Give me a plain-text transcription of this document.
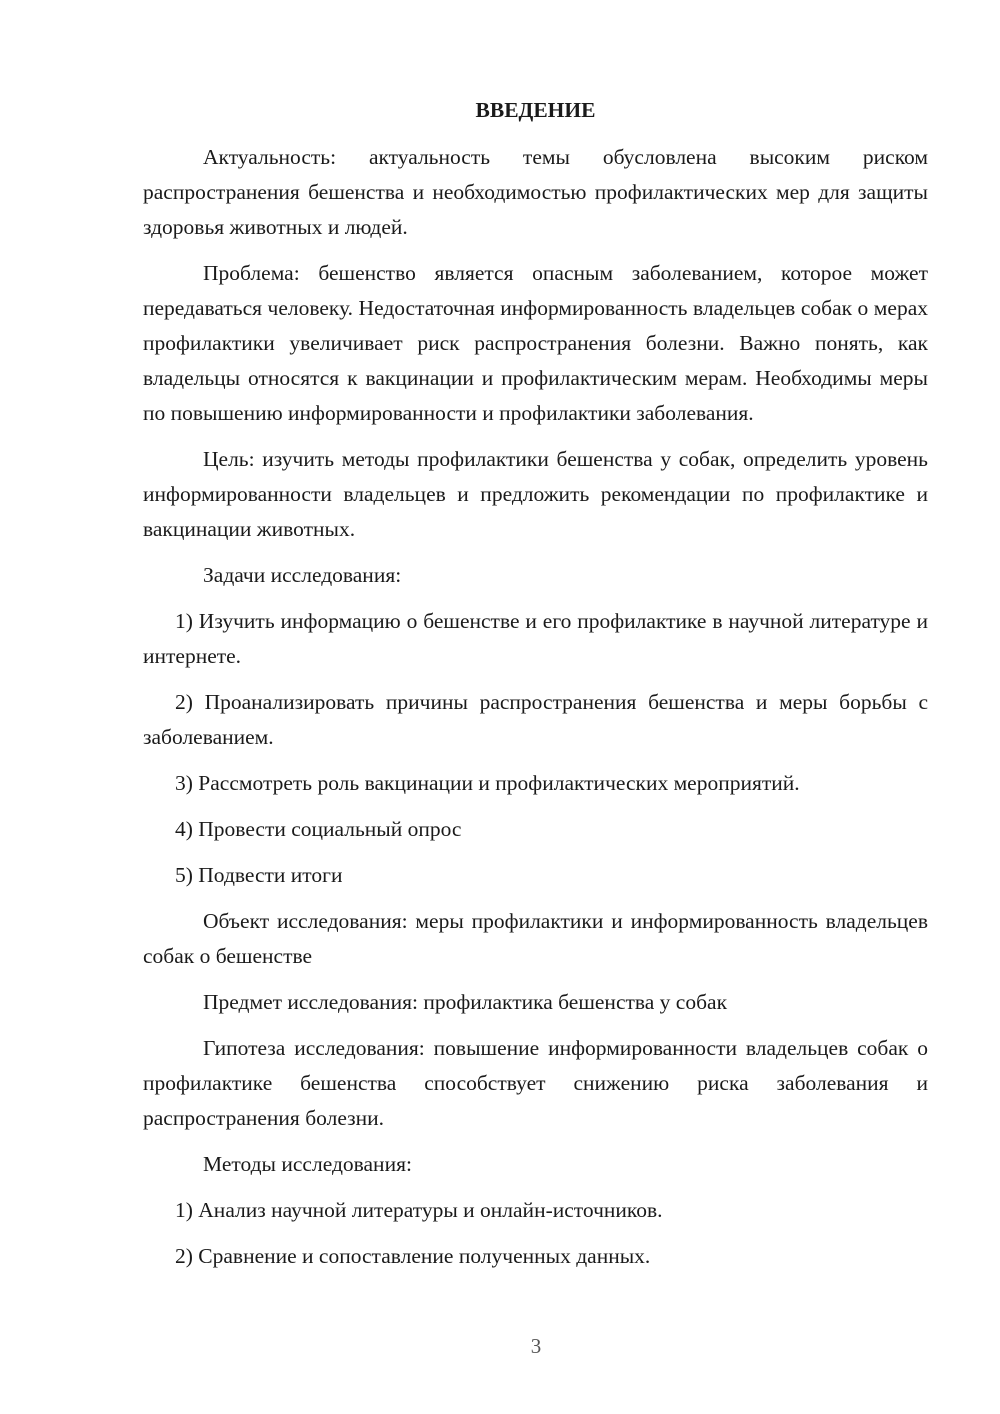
ВВЕДЕНИЕ

Актуальность: актуальность темы обусловлена высоким риском распространения бешенства и необходимостью профилактических мер для защиты здоровья животных и людей.

Проблема: бешенство является опасным заболеванием, которое может передаваться человеку. Недостаточная информированность владельцев собак о мерах профилактики увеличивает риск распространения болезни. Важно понять, как владельцы относятся к вакцинации и профилактическим мерам. Необходимы меры по повышению информированности и профилактики заболевания.

Цель: изучить методы профилактики бешенства у собак, определить уровень информированности владельцев и предложить рекомендации по профилактике и вакцинации животных.

Задачи исследования:

1) Изучить информацию о бешенстве и его профилактике в научной литературе и интернете.

2) Проанализировать причины распространения бешенства и меры борьбы с заболеванием.

3) Рассмотреть роль вакцинации и профилактических мероприятий.

4) Провести социальный опрос

5) Подвести итоги

Объект исследования: меры профилактики и информированность владельцев собак о бешенстве

Предмет исследования: профилактика бешенства у собак

Гипотеза исследования: повышение информированности владельцев собак о профилактике бешенства способствует снижению риска заболевания и распространения болезни.

Методы исследования:

1) Анализ научной литературы и онлайн-источников.

2) Сравнение и сопоставление полученных данных.

3
